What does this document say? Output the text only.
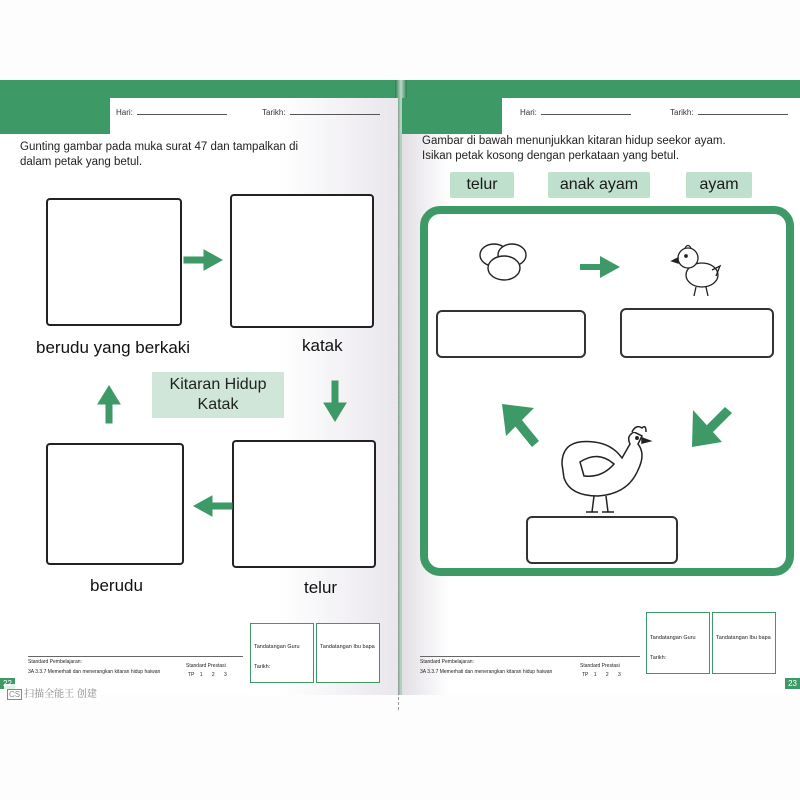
Hari:	Tarikh:
Gunting gambar pada muka surat 47 dan tampalkan di
dalam petak yang betul.
berudu yang berkaki	katak
berudu	telur
Kitaran Hidup
Katak
Standard Pembelajaran:
3A 3.3.7 Memerhati dan menerangkan kitaran hidup haiwan
Standard Prestasi
TP 1 2 3
Tandatangan Guru
Tarikh:
Tandatangan Ibu bapa
Hari:	Tarikh:
Gambar di bawah menunjukkan kitaran hidup seekor ayam.
Isikan petak kosong dengan perkataan yang betul.
telur	anak ayam	ayam
Standard Pembelajaran:
3A 3.3.7 Memerhati dan menerangkan kitaran hidup haiwan
Standard Prestasi
TP 1 2 3
Tandatangan Guru
Tarikh:
Tandatangan Ibu bapa
23
CS 扫描全能王 创建
